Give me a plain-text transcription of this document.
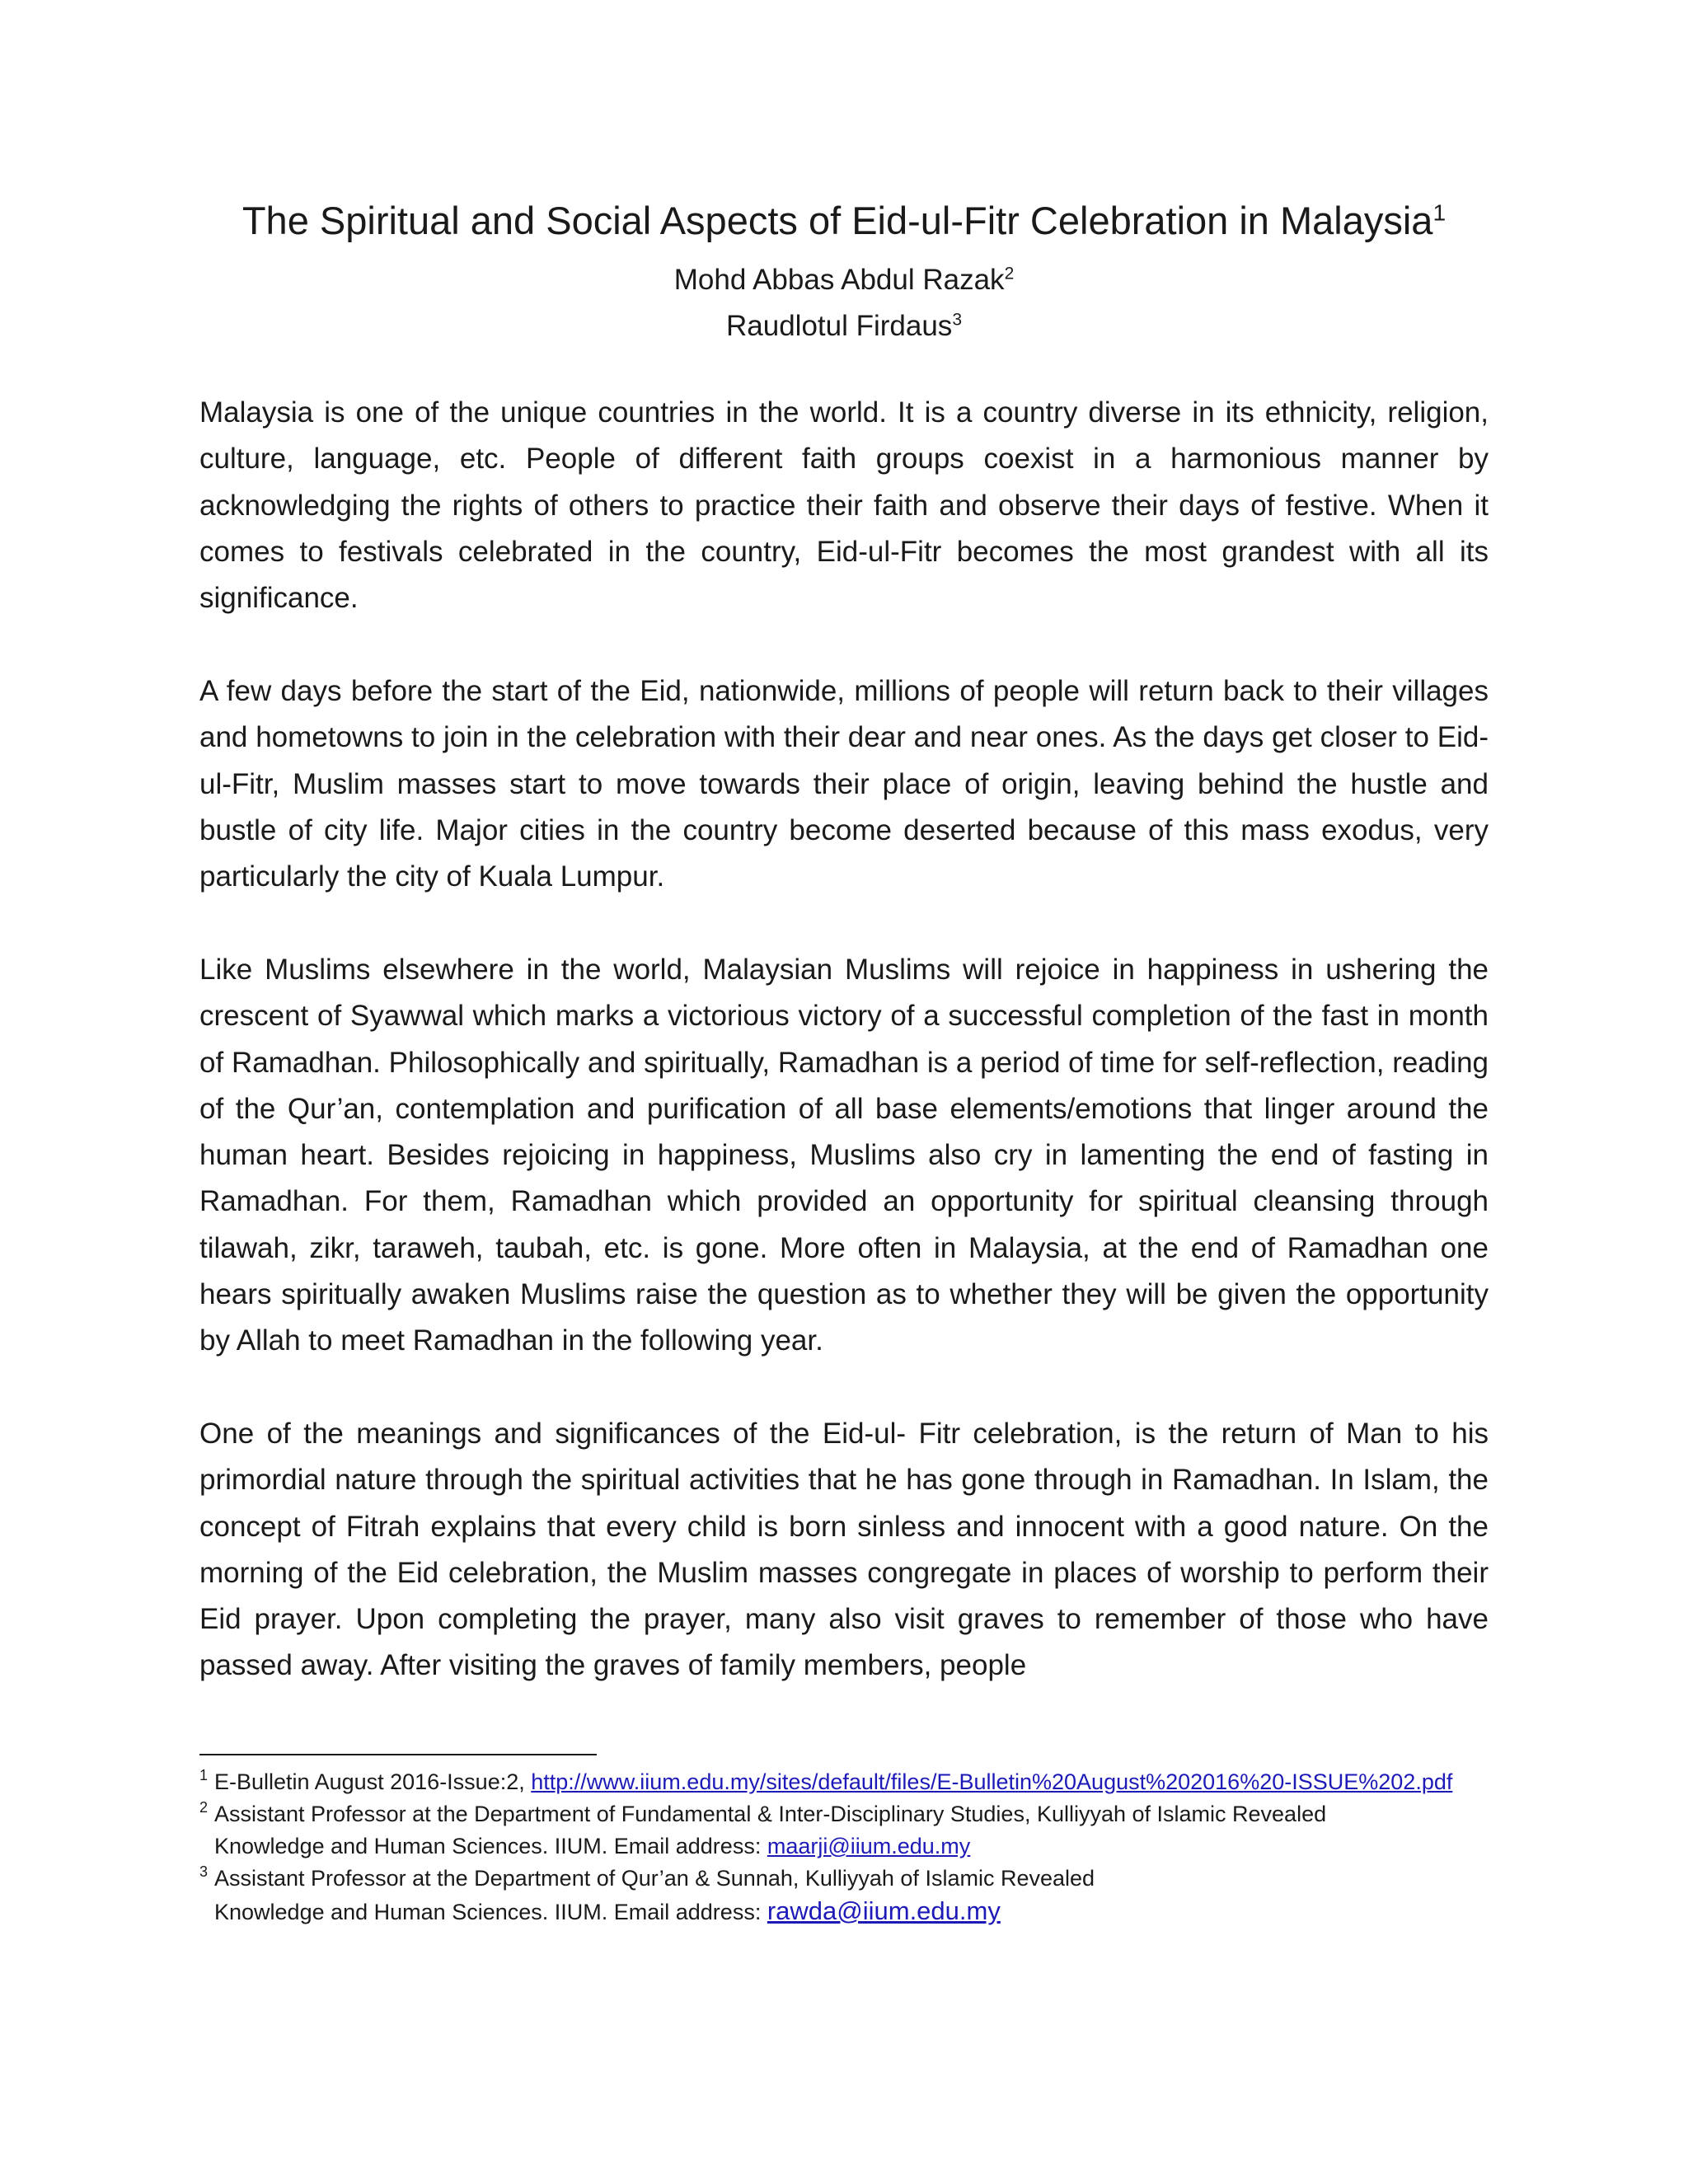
The Spiritual and Social Aspects of Eid-ul-Fitr Celebration in Malaysia$^1$

Mohd Abbas Abdul Razak$^2$

Raudlotul Firdaus$^3$

Malaysia is one of the unique countries in the world. It is a country diverse in its ethnicity, religion, culture, language, etc. People of different faith groups coexist in a harmonious manner by acknowledging the rights of others to practice their faith and observe their days of festive. When it comes to festivals celebrated in the country, Eid-ul-Fitr becomes the most grandest with all its significance.

A few days before the start of the Eid, nationwide, millions of people will return back to their villages and hometowns to join in the celebration with their dear and near ones. As the days get closer to Eid-ul-Fitr, Muslim masses start to move towards their place of origin, leaving behind the hustle and bustle of city life. Major cities in the country become deserted because of this mass exodus, very particularly the city of Kuala Lumpur.

Like Muslims elsewhere in the world, Malaysian Muslims will rejoice in happiness in ushering the crescent of Syawwal which marks a victorious victory of a successful completion of the fast in month of Ramadhan. Philosophically and spiritually, Ramadhan is a period of time for self-reflection, reading of the Qur’an, contemplation and purification of all base elements/emotions that linger around the human heart. Besides rejoicing in happiness, Muslims also cry in lamenting the end of fasting in Ramadhan. For them, Ramadhan which provided an opportunity for spiritual cleansing through tilawah, zikr, taraweh, taubah, etc. is gone. More often in Malaysia, at the end of Ramadhan one hears spiritually awaken Muslims raise the question as to whether they will be given the opportunity by Allah to meet Ramadhan in the following year.

One of the meanings and significances of the Eid-ul- Fitr celebration, is the return of Man to his primordial nature through the spiritual activities that he has gone through in Ramadhan. In Islam, the concept of Fitrah explains that every child is born sinless and innocent with a good nature. On the morning of the Eid celebration, the Muslim masses congregate in places of worship to perform their Eid prayer. Upon completing the prayer, many also visit graves to remember of those who have passed away. After visiting the graves of family members, people

1 E-Bulletin August 2016-Issue:2, http://www.iium.edu.my/sites/default/files/E-Bulletin%20August%202016%20-ISSUE%202.pdf
2 Assistant Professor at the Department of Fundamental & Inter-Disciplinary Studies, Kulliyyah of Islamic Revealed
Knowledge and Human Sciences. IIUM. Email address: maarji@iium.edu.my
3 Assistant Professor at the Department of Qur’an & Sunnah, Kulliyyah of Islamic Revealed
Knowledge and Human Sciences. IIUM. Email address: rawda@iium.edu.my
